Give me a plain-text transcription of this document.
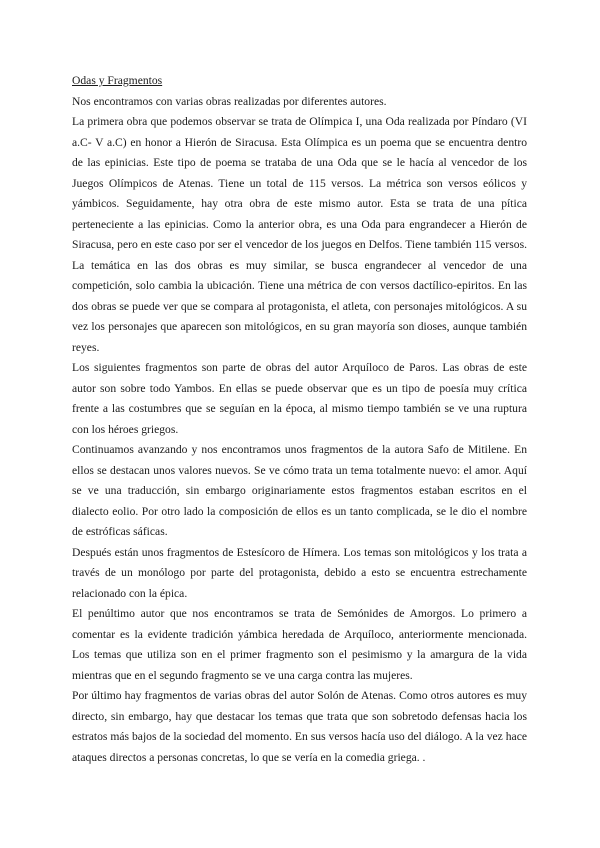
Odas y Fragmentos

Nos encontramos con varias obras realizadas por diferentes autores.

La primera obra que podemos observar se trata de Olímpica I, una Oda realizada por Píndaro (VI a.C- V a.C) en honor a Hierón de Siracusa. Esta Olímpica es un poema que se encuentra dentro de las epinicias. Este tipo de poema se trataba de una Oda que se le hacía al vencedor de los Juegos Olímpicos de Atenas. Tiene un total de 115 versos. La métrica son versos eólicos y yámbicos. Seguidamente, hay otra obra de este mismo autor. Esta se trata de una pítica perteneciente a las epinicias. Como la anterior obra, es una Oda para engrandecer a Hierón de Siracusa, pero en este caso por ser el vencedor de los juegos en Delfos. Tiene también 115 versos. La temática en las dos obras es muy similar, se busca engrandecer al vencedor de una competición, solo cambia la ubicación. Tiene una métrica de con versos dactílico-epiritos. En las dos obras se puede ver que se compara al protagonista, el atleta, con personajes mitológicos. A su vez los personajes que aparecen son mitológicos, en su gran mayoría son dioses, aunque también reyes.

Los siguientes fragmentos son parte de obras del autor Arquíloco de Paros. Las obras de este autor son sobre todo Yambos. En ellas se puede observar que es un tipo de poesía muy crítica frente a las costumbres que se seguían en la época, al mismo tiempo también se ve una ruptura con los héroes griegos.

Continuamos avanzando y nos encontramos unos fragmentos de la autora Safo de Mitilene. En ellos se destacan unos valores nuevos. Se ve cómo trata un tema totalmente nuevo: el amor. Aquí se ve una traducción, sin embargo originariamente estos fragmentos estaban escritos en el dialecto eolio. Por otro lado la composición de ellos es un tanto complicada, se le dio el nombre de estróficas sáficas.

Después están unos fragmentos de Estesícoro de Hímera. Los temas son mitológicos y los trata a través de un monólogo por parte del protagonista, debido a esto se encuentra estrechamente relacionado con la épica.

El penúltimo autor que nos encontramos se trata de Semónides de Amorgos. Lo primero a comentar es la evidente tradición yámbica heredada de Arquíloco, anteriormente mencionada. Los temas que utiliza son en el primer fragmento son el pesimismo y la amargura de la vida mientras que en el segundo fragmento se ve una carga contra las mujeres.

Por último hay fragmentos de varias obras del autor Solón de Atenas. Como otros autores es muy directo, sin embargo, hay que destacar los temas que trata que son sobretodo defensas hacia los estratos más bajos de la sociedad del momento. En sus versos hacía uso del diálogo. A la vez hace ataques directos a personas concretas, lo que se vería en la comedia griega. .
